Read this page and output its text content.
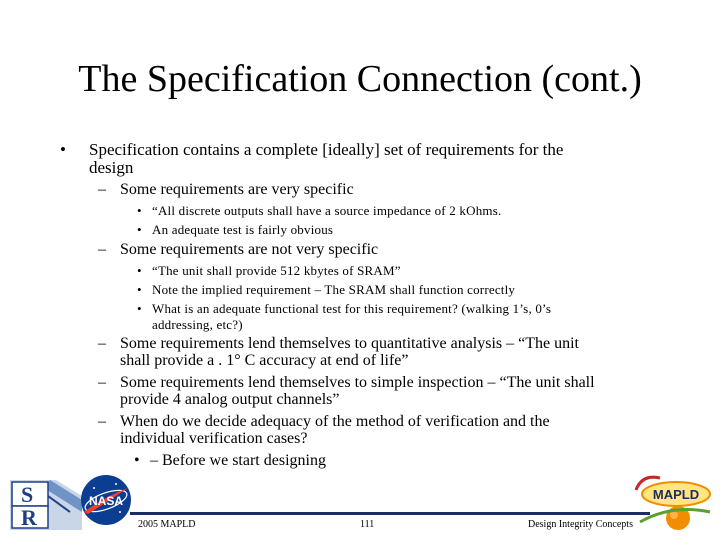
The Specification Connection (cont.)
• Specification contains a complete [ideally] set of requirements for the
design
– Some requirements are very specific
• “All discrete outputs shall have a source impedance of 2 kOhms.
• An adequate test is fairly obvious
– Some requirements are not very specific
• “The unit shall provide 512 kbytes of SRAM”
• Note the implied requirement – The SRAM shall function correctly
• What is an adequate functional test for this requirement? (walking 1’s, 0’s
addressing, etc?)
– Some requirements lend themselves to quantitative analysis – “The unit
shall provide a . 1° C accuracy at end of life”
– Some requirements lend themselves to simple inspection – “The unit shall
provide 4 analog output channels”
– When do we decide adequacy of the method of verification and the
individual verification cases?
• – Before we start designing
S
R
NASA
2005 MAPLD	111	Design Integrity Concepts
MAPLD
